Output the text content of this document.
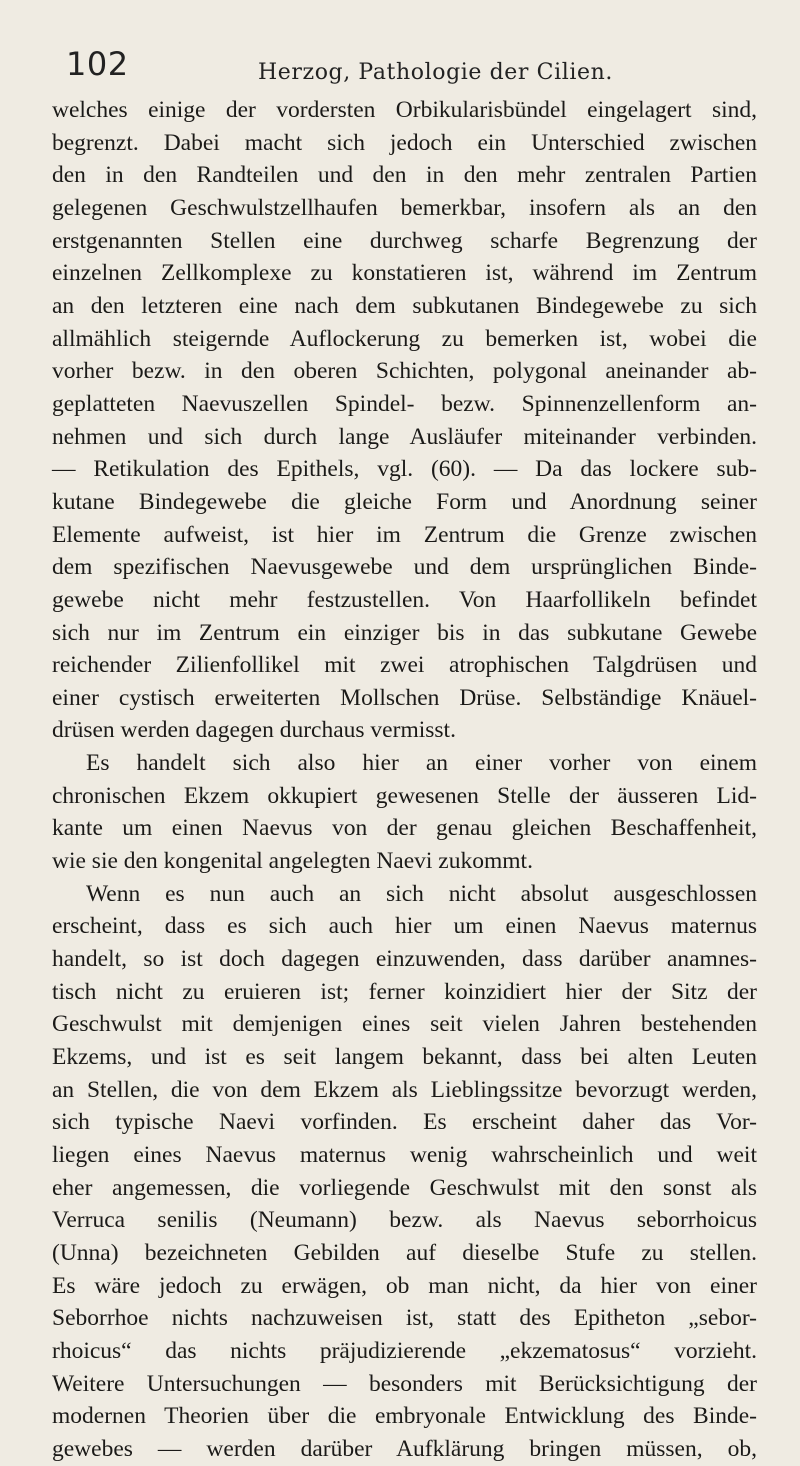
102	Herzog, Pathologie der Cilien.
welches einige der vordersten Orbikularisbündel eingelagert sind,
begrenzt. Dabei macht sich jedoch ein Unterschied zwischen
den in den Randteilen und den in den mehr zentralen Partien
gelegenen Geschwulstzellhaufen bemerkbar, insofern als an den
erstgenannten Stellen eine durchweg scharfe Begrenzung der
einzelnen Zellkomplexe zu konstatieren ist, während im Zentrum
an den letzteren eine nach dem subkutanen Bindegewebe zu sich
allmählich steigernde Auflockerung zu bemerken ist, wobei die
vorher bezw. in den oberen Schichten, polygonal aneinander ab-
geplatteten Naevuszellen Spindel- bezw. Spinnenzellenform an-
nehmen und sich durch lange Ausläufer miteinander verbinden.
— Retikulation des Epithels, vgl. (60). — Da das lockere sub-
kutane Bindegewebe die gleiche Form und Anordnung seiner
Elemente aufweist, ist hier im Zentrum die Grenze zwischen
dem spezifischen Naevusgewebe und dem ursprünglichen Binde-
gewebe nicht mehr festzustellen. Von Haarfollikeln befindet
sich nur im Zentrum ein einziger bis in das subkutane Gewebe
reichender Zilienfollikel mit zwei atrophischen Talgdrüsen und
einer cystisch erweiterten Mollschen Drüse. Selbständige Knäuel-
drüsen werden dagegen durchaus vermisst.
Es handelt sich also hier an einer vorher von einem
chronischen Ekzem okkupiert gewesenen Stelle der äusseren Lid-
kante um einen Naevus von der genau gleichen Beschaffenheit,
wie sie den kongenital angelegten Naevi zukommt.
Wenn es nun auch an sich nicht absolut ausgeschlossen
erscheint, dass es sich auch hier um einen Naevus maternus
handelt, so ist doch dagegen einzuwenden, dass darüber anamnes-
tisch nicht zu eruieren ist; ferner koinzidiert hier der Sitz der
Geschwulst mit demjenigen eines seit vielen Jahren bestehenden
Ekzems, und ist es seit langem bekannt, dass bei alten Leuten
an Stellen, die von dem Ekzem als Lieblingssitze bevorzugt werden,
sich typische Naevi vorfinden. Es erscheint daher das Vor-
liegen eines Naevus maternus wenig wahrscheinlich und weit
eher angemessen, die vorliegende Geschwulst mit den sonst als
Verruca senilis (Neumann) bezw. als Naevus seborrhoicus
(Unna) bezeichneten Gebilden auf dieselbe Stufe zu stellen.
Es wäre jedoch zu erwägen, ob man nicht, da hier von einer
Seborrhoe nichts nachzuweisen ist, statt des Epitheton „sebor-
rhoicus“ das nichts präjudizierende „ekzematosus“ vorzieht.
Weitere Untersuchungen — besonders mit Berücksichtigung der
modernen Theorien über die embryonale Entwicklung des Binde-
gewebes — werden darüber Aufklärung bringen müssen, ob,
